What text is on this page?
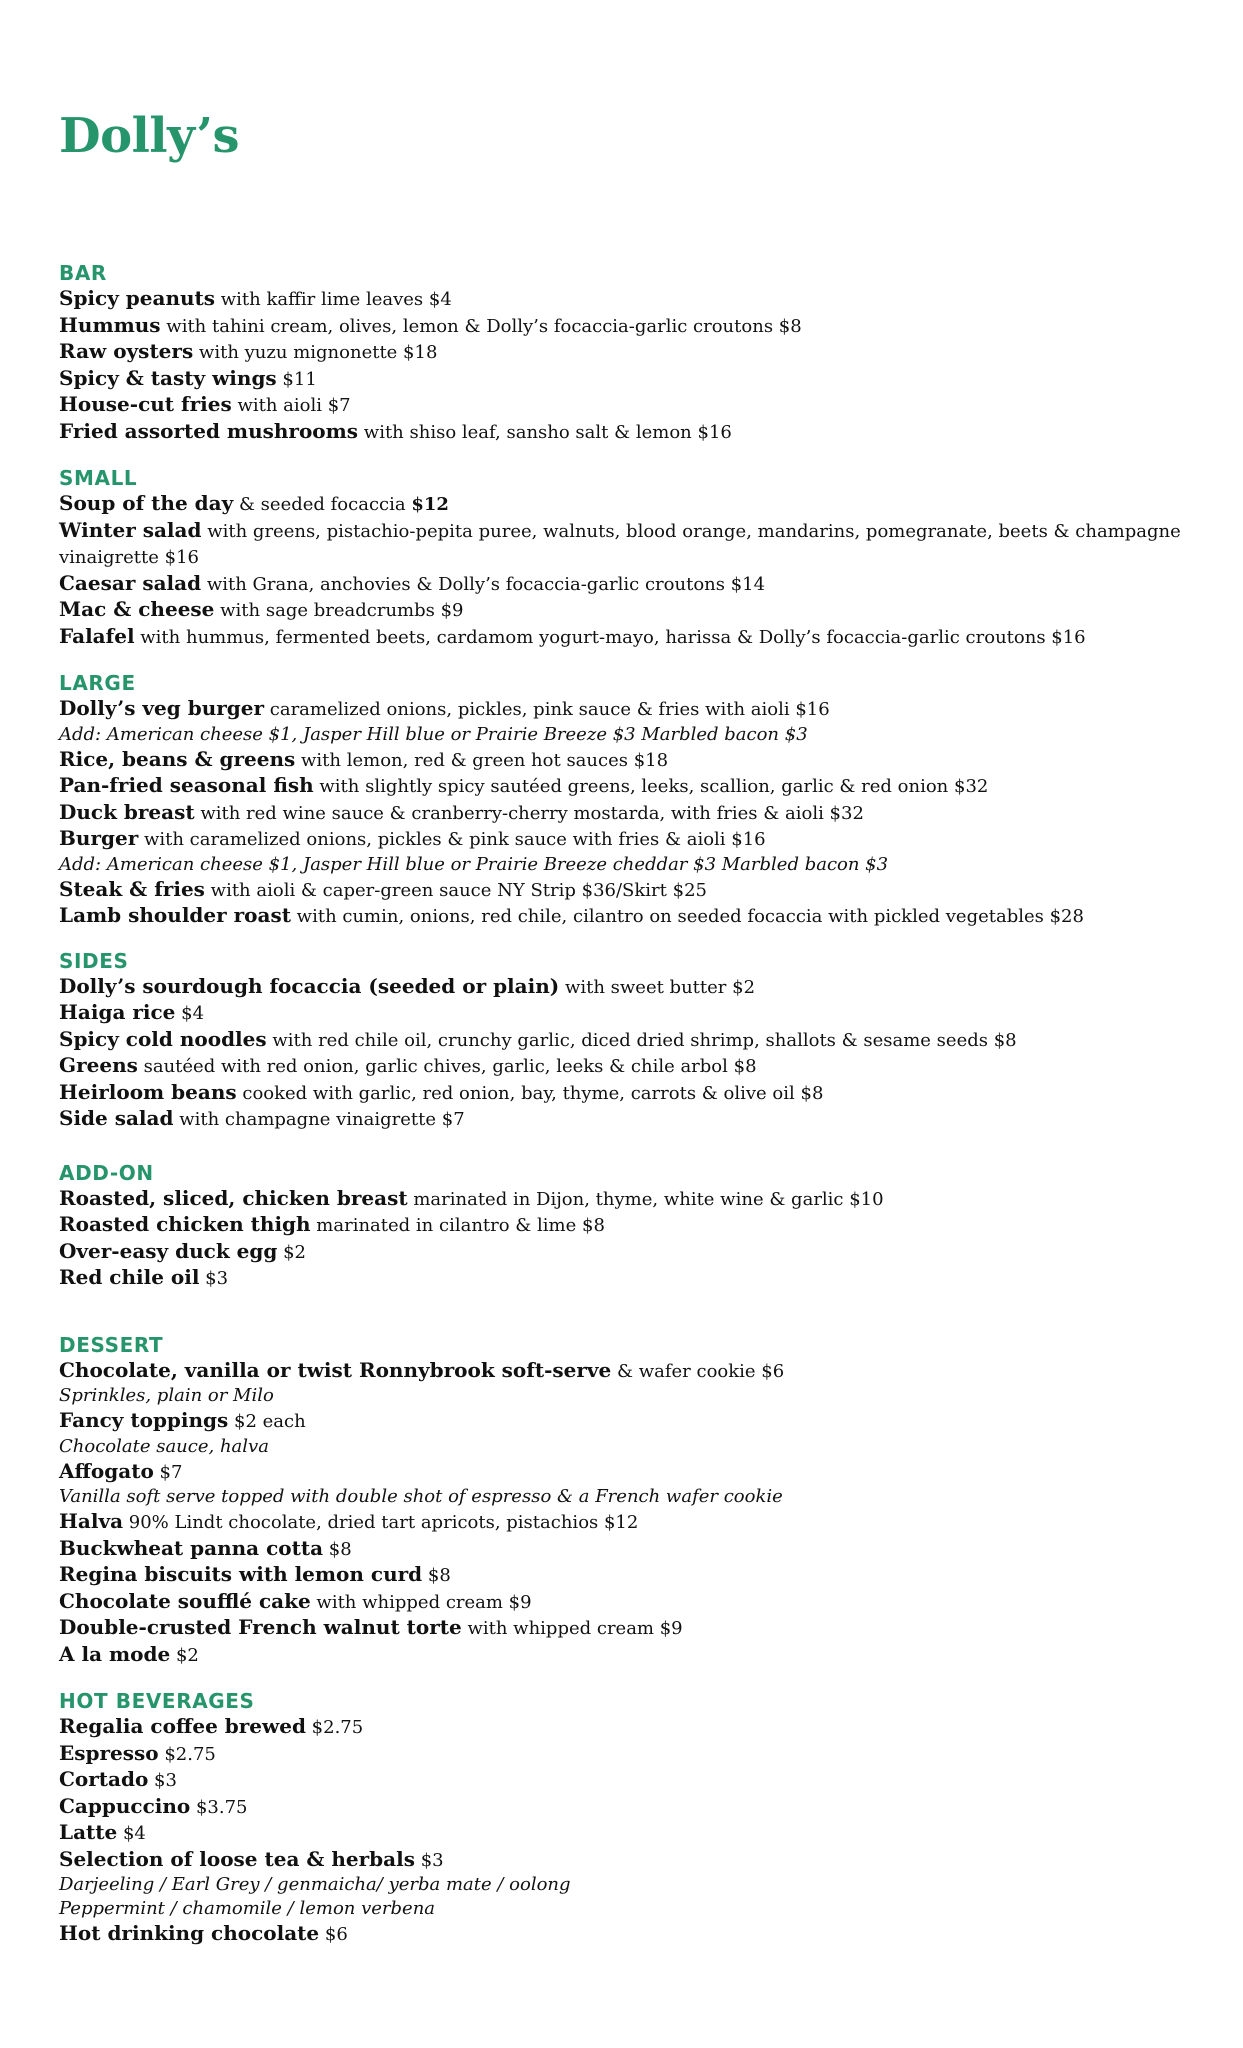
Dolly’s
BAR
Spicy peanuts with kaffir lime leaves $4
Hummus with tahini cream, olives, lemon & Dolly’s focaccia-garlic croutons $8
Raw oysters with yuzu mignonette $18
Spicy & tasty wings $11
House-cut fries with aioli $7
Fried assorted mushrooms with shiso leaf, sansho salt & lemon $16
SMALL
Soup of the day & seeded focaccia $12
Winter salad with greens, pistachio-pepita puree, walnuts, blood orange, mandarins, pomegranate, beets & champagne vinaigrette $16
Caesar salad with Grana, anchovies & Dolly’s focaccia-garlic croutons $14
Mac & cheese with sage breadcrumbs $9
Falafel with hummus, fermented beets, cardamom yogurt-mayo, harissa & Dolly’s focaccia-garlic croutons $16
LARGE
Dolly’s veg burger caramelized onions, pickles, pink sauce & fries with aioli $16
Add: American cheese $1, Jasper Hill blue or Prairie Breeze $3 Marbled bacon $3
Rice, beans & greens with lemon, red & green hot sauces $18
Pan-fried seasonal fish with slightly spicy sautéed greens, leeks, scallion, garlic & red onion $32
Duck breast with red wine sauce & cranberry-cherry mostarda, with fries & aioli $32
Burger with caramelized onions, pickles & pink sauce with fries & aioli $16
Add: American cheese $1, Jasper Hill blue or Prairie Breeze cheddar $3 Marbled bacon $3
Steak & fries with aioli & caper-green sauce NY Strip $36/Skirt $25
Lamb shoulder roast with cumin, onions, red chile, cilantro on seeded focaccia with pickled vegetables $28
SIDES
Dolly’s sourdough focaccia (seeded or plain) with sweet butter $2
Haiga rice $4
Spicy cold noodles with red chile oil, crunchy garlic, diced dried shrimp, shallots & sesame seeds $8
Greens sautéed with red onion, garlic chives, garlic, leeks & chile arbol $8
Heirloom beans cooked with garlic, red onion, bay, thyme, carrots & olive oil $8
Side salad with champagne vinaigrette $7
ADD-ON
Roasted, sliced, chicken breast marinated in Dijon, thyme, white wine & garlic $10
Roasted chicken thigh marinated in cilantro & lime $8
Over-easy duck egg $2
Red chile oil $3
DESSERT
Chocolate, vanilla or twist Ronnybrook soft-serve & wafer cookie $6
Sprinkles, plain or Milo
Fancy toppings $2 each
Chocolate sauce, halva
Affogato $7
Vanilla soft serve topped with double shot of espresso & a French wafer cookie
Halva 90% Lindt chocolate, dried tart apricots, pistachios $12
Buckwheat panna cotta $8
Regina biscuits with lemon curd $8
Chocolate soufflé cake with whipped cream $9
Double-crusted French walnut torte with whipped cream $9
A la mode $2
HOT BEVERAGES
Regalia coffee brewed $2.75
Espresso $2.75
Cortado $3
Cappuccino $3.75
Latte $4
Selection of loose tea & herbals $3
Darjeeling / Earl Grey / genmaicha/ yerba mate / oolong
Peppermint / chamomile / lemon verbena
Hot drinking chocolate $6
